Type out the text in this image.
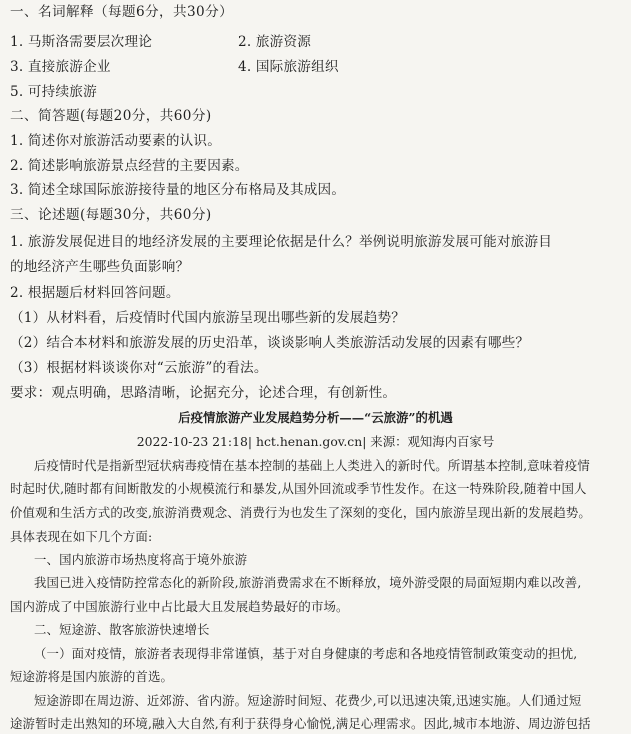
一、名词解释（每题6分，共30分）
1. 马斯洛需要层次理论	2. 旅游资源
3. 直接旅游企业	4. 国际旅游组织
5. 可持续旅游
二、简答题(每题20分，共60分)
1. 简述你对旅游活动要素的认识。
2. 简述影响旅游景点经营的主要因素。
3. 简述全球国际旅游接待量的地区分布格局及其成因。
三、论述题(每题30分，共60分)
1. 旅游发展促进目的地经济发展的主要理论依据是什么？举例说明旅游发展可能对旅游目
的地经济产生哪些负面影响？
2. 根据题后材料回答问题。
（1）从材料看，后疫情时代国内旅游呈现出哪些新的发展趋势？
（2）结合本材料和旅游发展的历史沿革，谈谈影响人类旅游活动发展的因素有哪些？
（3）根据材料谈谈你对“云旅游”的看法。
要求：观点明确，思路清晰，论据充分，论述合理，有创新性。
后疫情旅游产业发展趋势分析——“云旅游”的机遇
2022-10-23 21:18| hct.henan.gov.cn| 来源：观知海内百家号
后疫情时代是指新型冠状病毒疫情在基本控制的基础上人类进入的新时代。所谓基本控制,意味着疫情
时起时伏,随时都有间断散发的小规模流行和暴发,从国外回流或季节性发作。在这一特殊阶段,随着中国人
价值观和生活方式的改变,旅游消费观念、消费行为也发生了深刻的变化，国内旅游呈现出新的发展趋势。
具体表现在如下几个方面:
一、国内旅游市场热度将高于境外旅游
我国已进入疫情防控常态化的新阶段,旅游消费需求在不断释放，境外游受限的局面短期内难以改善,
国内游成了中国旅游行业中占比最大且发展趋势最好的市场。
二、短途游、散客旅游快速增长
（一）面对疫情，旅游者表现得非常谨慎，基于对自身健康的考虑和各地疫情管制政策变动的担忧,
短途游将是国内旅游的首选。
短途游即在周边游、近郊游、省内游。短途游时间短、花费少,可以迅速决策,迅速实施。人们通过短
途游暂时走出熟知的环境,融入大自然,有利于获得身心愉悦,满足心理需求。因此,城市本地游、周边游包括
